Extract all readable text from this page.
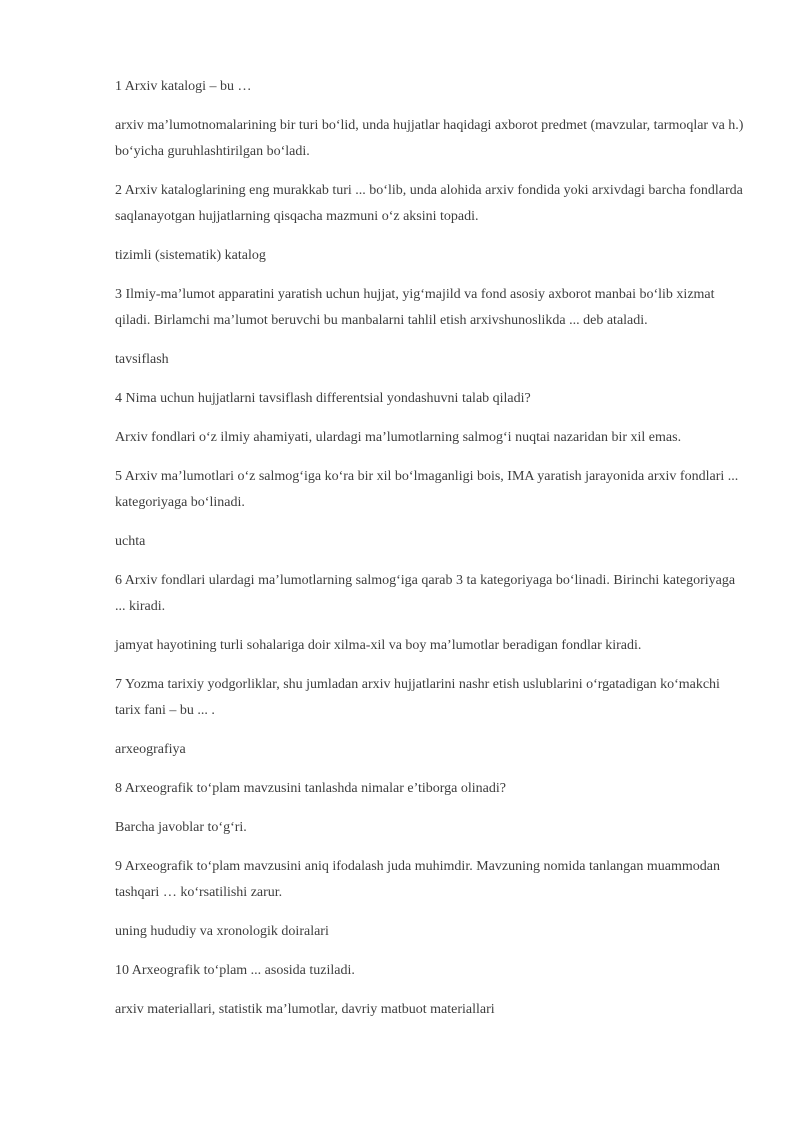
1 Arxiv katalogi – bu …

arxiv ma’lumotnomalarining bir turi bo‘lid, unda hujjatlar haqidagi axborot predmet (mavzular, tarmoqlar va h.) bo‘yicha guruhlashtirilgan bo‘ladi.

2 Arxiv kataloglarining eng murakkab turi ... bo‘lib, unda alohida arxiv fondida yoki arxivdagi barcha fondlarda saqlanayotgan hujjatlarning qisqacha mazmuni o‘z aksini topadi.

tizimli (sistematik) katalog

3 Ilmiy-ma’lumot apparatini yaratish uchun hujjat, yig‘majild va fond asosiy axborot manbai bo‘lib xizmat qiladi. Birlamchi ma’lumot beruvchi bu manbalarni tahlil etish arxivshunoslikda ... deb ataladi.

tavsiflash

4 Nima uchun hujjatlarni tavsiflash differentsial yondashuvni talab qiladi?

Arxiv fondlari o‘z ilmiy ahamiyati, ulardagi ma’lumotlarning salmog‘i nuqtai nazaridan bir xil emas.

5 Arxiv ma’lumotlari o‘z salmog‘iga ko‘ra bir xil bo‘lmaganligi bois, IMA yaratish jarayonida arxiv fondlari ... kategoriyaga bo‘linadi.

uchta

6 Arxiv fondlari ulardagi ma’lumotlarning salmog‘iga qarab 3 ta kategoriyaga bo‘linadi. Birinchi kategoriyaga ... kiradi.

jamyat hayotining turli sohalariga doir xilma-xil va boy ma’lumotlar beradigan fondlar kiradi.

7 Yozma tarixiy yodgorliklar, shu jumladan arxiv hujjatlarini nashr etish uslublarini o‘rgatadigan ko‘makchi tarix fani – bu ... .

arxeografiya

8 Arxeografik to‘plam mavzusini tanlashda nimalar e’tiborga olinadi?

Barcha javoblar to‘g‘ri.

9 Arxeografik to‘plam mavzusini aniq ifodalash juda muhimdir. Mavzuning nomida tanlangan muammodan tashqari … ko‘rsatilishi zarur.

uning hududiy va xronologik doiralari

10 Arxeografik to‘plam ... asosida tuziladi.

arxiv materiallari, statistik ma’lumotlar, davriy matbuot materiallari
